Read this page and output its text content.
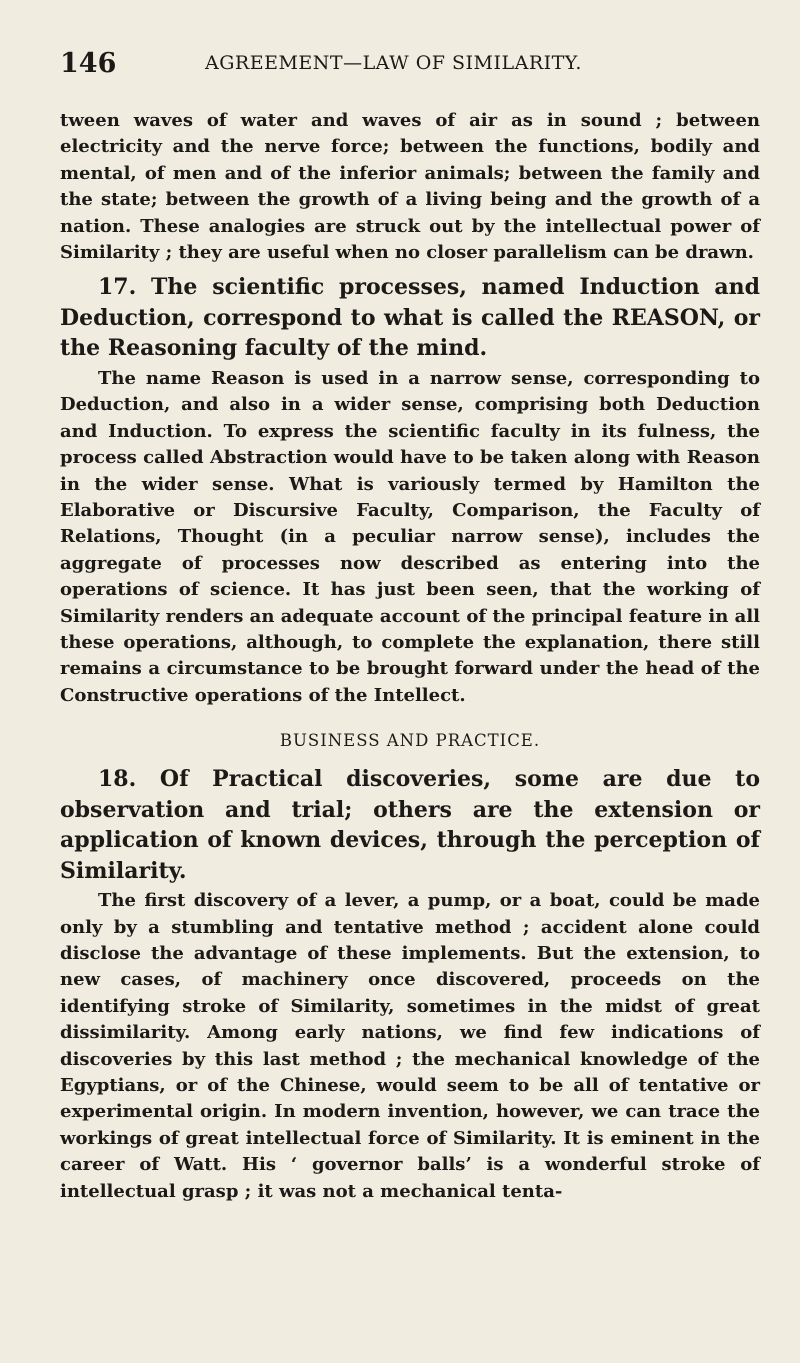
146	AGREEMENT—LAW OF SIMILARITY.

tween waves of water and waves of air as in sound ; between electricity and the nerve force; between the functions, bodily and mental, of men and of the inferior animals; between the family and the state; between the growth of a living being and the growth of a nation. These analogies are struck out by the intellectual power of Similarity ; they are useful when no closer parallelism can be drawn.

17. The scientific processes, named Induction and Deduction, correspond to what is called the REASON, or the Reasoning faculty of the mind.

The name Reason is used in a narrow sense, corresponding to Deduction, and also in a wider sense, comprising both Deduction and Induction. To express the scientific faculty in its fulness, the process called Abstraction would have to be taken along with Reason in the wider sense. What is variously termed by Hamilton the Elaborative or Discursive Faculty, Comparison, the Faculty of Relations, Thought (in a peculiar narrow sense), includes the aggregate of processes now described as entering into the operations of science. It has just been seen, that the working of Similarity renders an adequate account of the principal feature in all these operations, although, to complete the explanation, there still remains a circumstance to be brought forward under the head of the Constructive operations of the Intellect.

BUSINESS AND PRACTICE.

18. Of Practical discoveries, some are due to observation and trial; others are the extension or application of known devices, through the perception of Similarity.

The first discovery of a lever, a pump, or a boat, could be made only by a stumbling and tentative method ; accident alone could disclose the advantage of these implements. But the extension, to new cases, of machinery once discovered, proceeds on the identifying stroke of Similarity, sometimes in the midst of great dissimilarity. Among early nations, we find few indications of discoveries by this last method ; the mechanical knowledge of the Egyptians, or of the Chinese, would seem to be all of tentative or experimental origin. In modern invention, however, we can trace the workings of great intellectual force of Similarity. It is eminent in the career of Watt. His ‘ governor balls’ is a wonderful stroke of intellectual grasp ; it was not a mechanical tenta-
